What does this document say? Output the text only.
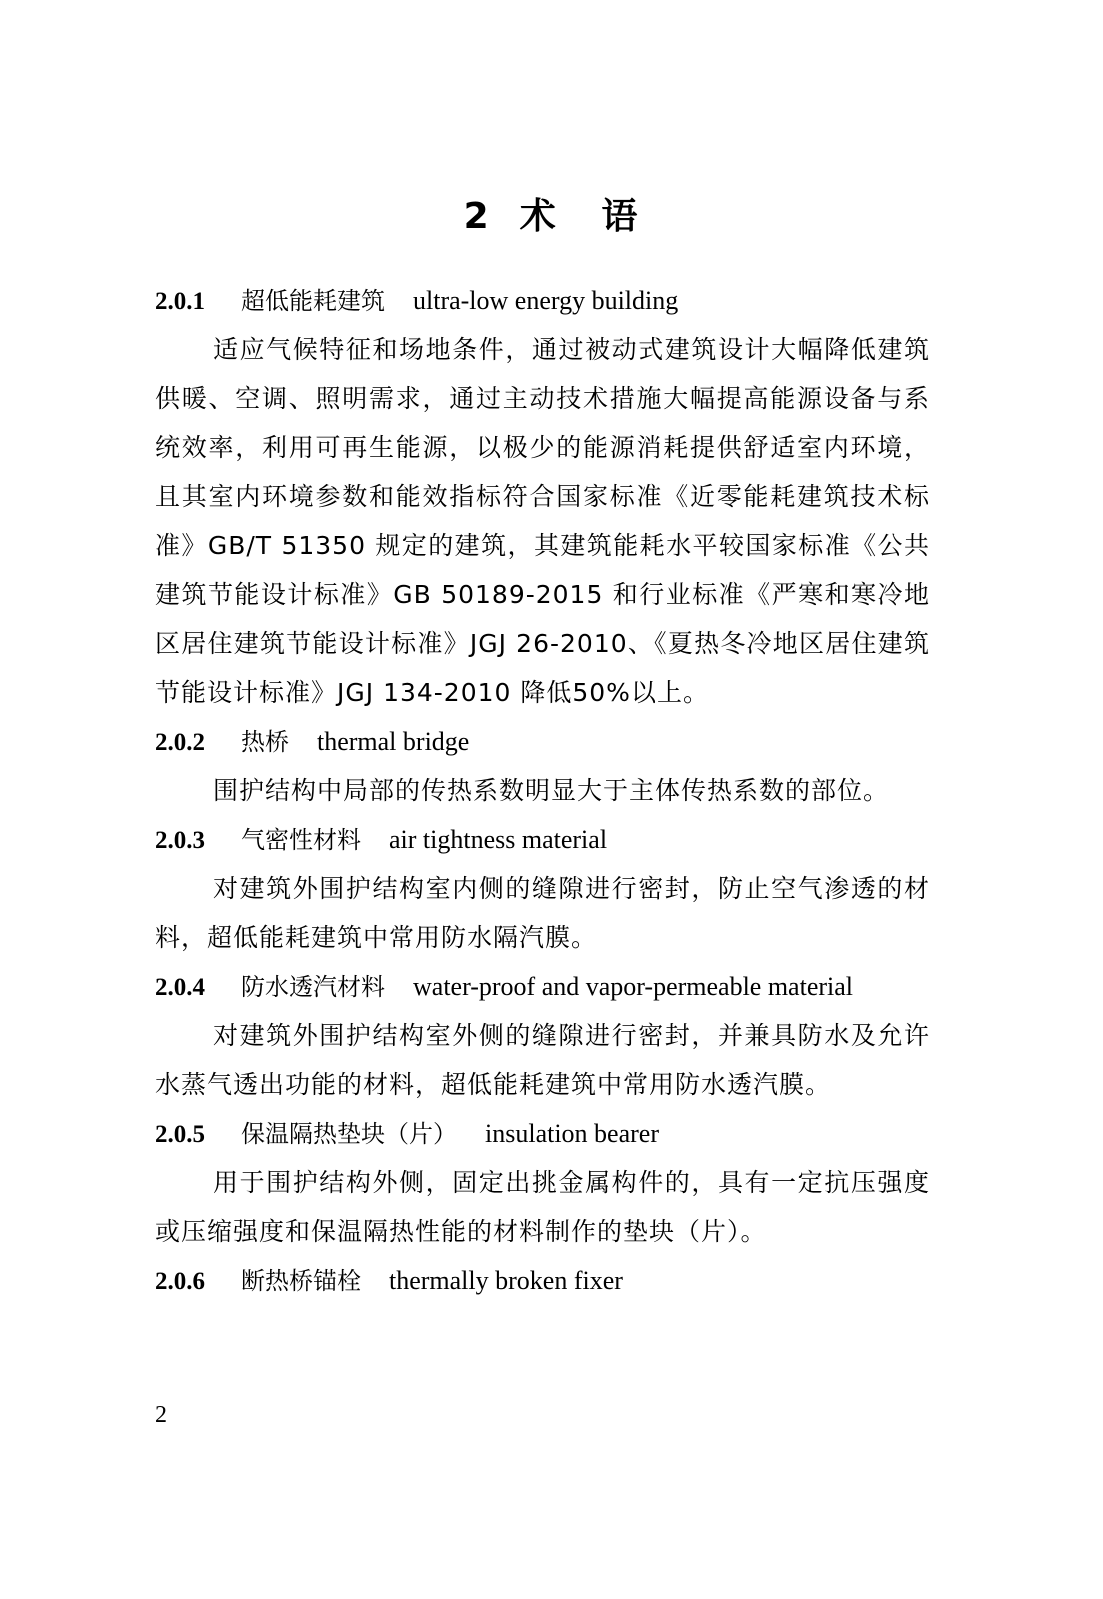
2  术   语

2.0.1 超低能耗建筑 ultra-low energy building

适应气候特征和场地条件，通过被动式建筑设计大幅降低建筑供暖、空调、照明需求，通过主动技术措施大幅提高能源设备与系统效率，利用可再生能源，以极少的能源消耗提供舒适室内环境，且其室内环境参数和能效指标符合国家标准《近零能耗建筑技术标准》GB/T 51350 规定的建筑，其建筑能耗水平较国家标准《公共建筑节能设计标准》GB 50189-2015 和行业标准《严寒和寒冷地区居住建筑节能设计标准》JGJ 26-2010、《夏热冬冷地区居住建筑节能设计标准》JGJ 134-2010 降低50%以上。

2.0.2 热桥 thermal bridge

围护结构中局部的传热系数明显大于主体传热系数的部位。

2.0.3 气密性材料 air tightness material

对建筑外围护结构室内侧的缝隙进行密封，防止空气渗透的材料，超低能耗建筑中常用防水隔汽膜。

2.0.4 防水透汽材料 water-proof and vapor-permeable material

对建筑外围护结构室外侧的缝隙进行密封，并兼具防水及允许水蒸气透出功能的材料，超低能耗建筑中常用防水透汽膜。

2.0.5 保温隔热垫块（片） insulation bearer

用于围护结构外侧，固定出挑金属构件的，具有一定抗压强度或压缩强度和保温隔热性能的材料制作的垫块（片）。

2.0.6 断热桥锚栓 thermally broken fixer

2
